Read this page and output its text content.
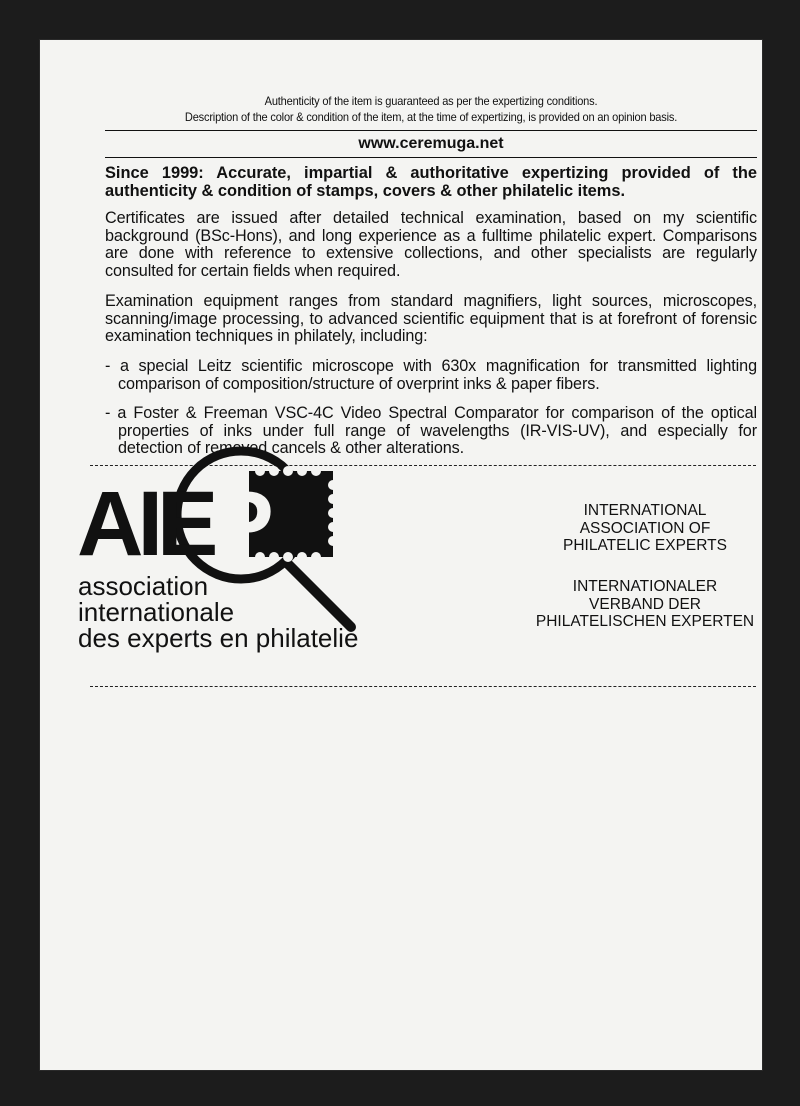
Authenticity of the item is guaranteed as per the expertizing conditions.
Description of the color & condition of the item, at the time of expertizing, is provided on an opinion basis.
www.ceremuga.net
Since 1999: Accurate, impartial & authoritative expertizing provided of the authenticity & condition of stamps, covers & other philatelic items.
Certificates are issued after detailed technical examination, based on my scientific background (BSc-Hons), and long experience as a fulltime philatelic expert. Comparisons are done with reference to extensive collections, and other specialists are regularly consulted for certain fields when required.
Examination equipment ranges from standard magnifiers, light sources, microscopes, scanning/image processing, to advanced scientific equipment that is at forefront of forensic examination techniques in philately, including:
- a special Leitz scientific microscope with 630x magnification for transmitted lighting comparison of composition/structure of overprint inks & paper fibers.
- a Foster & Freeman VSC-4C Video Spectral Comparator for comparison of the optical properties of inks under full range of wavelengths (IR-VIS-UV), and especially for detection of removed cancels & other alterations.
INTERNATIONAL
ASSOCIATION OF
PHILATELIC EXPERTS
INTERNATIONALER
VERBAND DER
PHILATELISCHEN EXPERTEN
AIEP
association
internationale
des experts en philatelie
